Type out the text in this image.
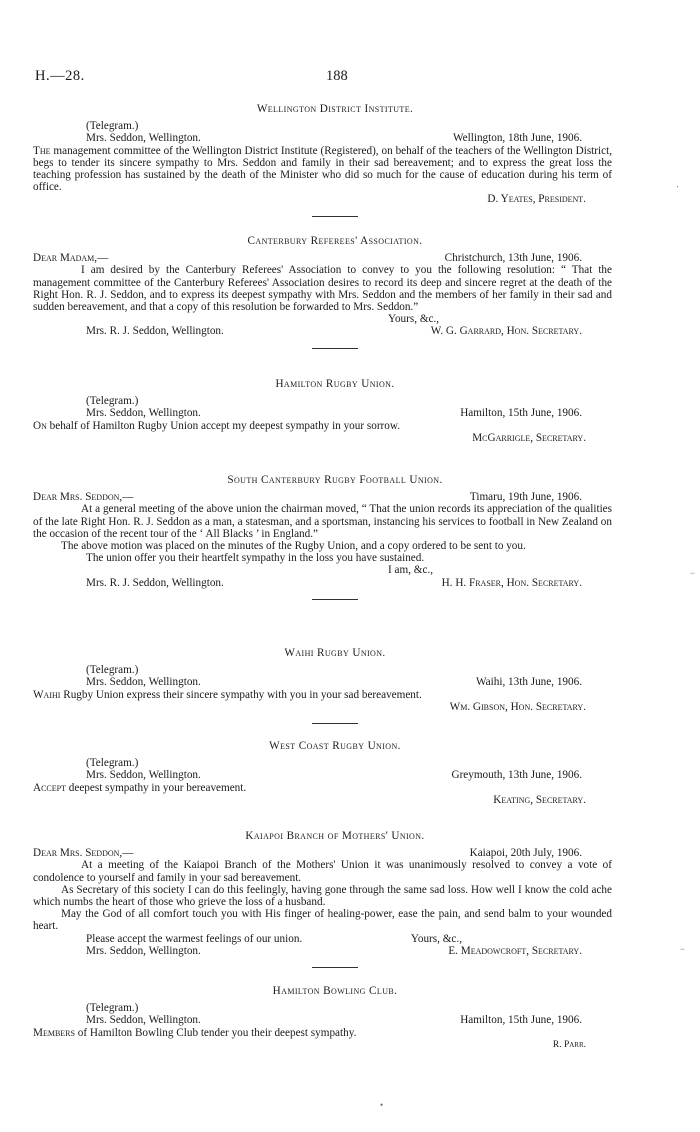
H.—28.	188

Wellington District Institute.

(Telegram.)

Mrs. Seddon, Wellington.	Wellington, 18th June, 1906.

The management committee of the Wellington District Institute (Registered), on behalf of the teachers of the Wellington District, begs to tender its sincere sympathy to Mrs. Seddon and family in their sad bereavement; and to express the great loss the teaching profession has sustained by the death of the Minister who did so much for the cause of education during his term of office.

D. Yeates, President.

Canterbury Referees' Association.

Dear Madam,—	Christchurch, 13th June, 1906.

I am desired by the Canterbury Referees' Association to convey to you the following resolution: “ That the management committee of the Canterbury Referees' Association desires to record its deep and sincere regret at the death of the Right Hon. R. J. Seddon, and to express its deepest sympathy with Mrs. Seddon and the members of her family in their sad and sudden bereavement, and that a copy of this resolution be forwarded to Mrs. Seddon.”

Yours, &c.,

Mrs. R. J. Seddon, Wellington.	W. G. Garrard, Hon. Secretary.

Hamilton Rugby Union.

(Telegram.)

Mrs. Seddon, Wellington.	Hamilton, 15th June, 1906.

On behalf of Hamilton Rugby Union accept my deepest sympathy in your sorrow.

McGarrigle, Secretary.

South Canterbury Rugby Football Union.

Dear Mrs. Seddon,—	Timaru, 19th June, 1906.

At a general meeting of the above union the chairman moved, “ That the union records its appreciation of the qualities of the late Right Hon. R. J. Seddon as a man, a statesman, and a sportsman, instancing his services to football in New Zealand on the occasion of the recent tour of the ‘ All Blacks ’ in England.”

The above motion was placed on the minutes of the Rugby Union, and a copy ordered to be sent to you.

The union offer you their heartfelt sympathy in the loss you have sustained.

I am, &c.,

Mrs. R. J. Seddon, Wellington.	H. H. Fraser, Hon. Secretary.

Waihi Rugby Union.

(Telegram.)

Mrs. Seddon, Wellington.	Waihi, 13th June, 1906.

Waihi Rugby Union express their sincere sympathy with you in your sad bereavement.

Wm. Gibson, Hon. Secretary.

West Coast Rugby Union.

(Telegram.)

Mrs. Seddon, Wellington.	Greymouth, 13th June, 1906.

Accept deepest sympathy in your bereavement.

Keating, Secretary.

Kaiapoi Branch of Mothers' Union.

Dear Mrs. Seddon,—	Kaiapoi, 20th July, 1906.

At a meeting of the Kaiapoi Branch of the Mothers' Union it was unanimously resolved to convey a vote of condolence to yourself and family in your sad bereavement.

As Secretary of this society I can do this feelingly, having gone through the same sad loss. How well I know the cold ache which numbs the heart of those who grieve the loss of a husband.

May the God of all comfort touch you with His finger of healing-power, ease the pain, and send balm to your wounded heart.

Please accept the warmest feelings of our union.	Yours, &c.,
Mrs. Seddon, Wellington.	E. Meadowcroft, Secretary.

Hamilton Bowling Club.

(Telegram.)

Mrs. Seddon, Wellington.	Hamilton, 15th June, 1906.

Members of Hamilton Bowling Club tender you their deepest sympathy.

R. Parr.

‧
−
−
•
